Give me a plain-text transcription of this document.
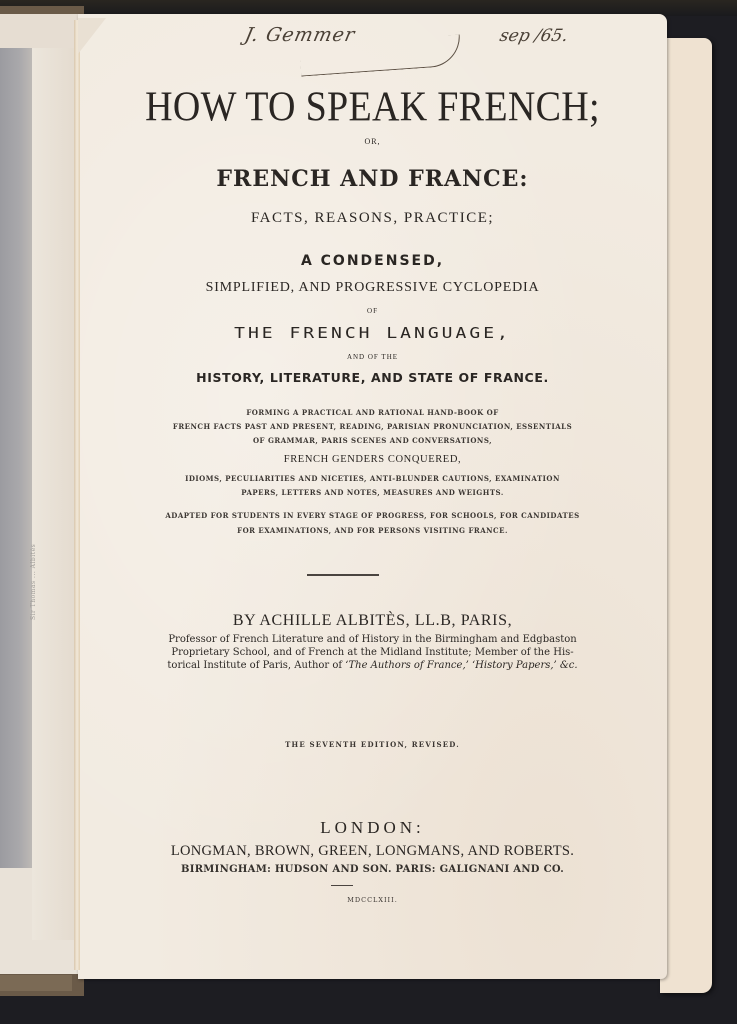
Sir Thomas ... Albitès
J. Gemmer	sep /65.
HOW TO SPEAK FRENCH;
OR,
FRENCH AND FRANCE:
FACTS, REASONS, PRACTICE;
A CONDENSED,
SIMPLIFIED, AND PROGRESSIVE CYCLOPEDIA
OF
THE FRENCH LANGUAGE,
AND OF THE
HISTORY, LITERATURE, AND STATE OF FRANCE.
FORMING A PRACTICAL AND RATIONAL HAND-BOOK OF
FRENCH FACTS PAST AND PRESENT, READING, PARISIAN PRONUNCIATION, ESSENTIALS
OF GRAMMAR, PARIS SCENES AND CONVERSATIONS,
FRENCH GENDERS CONQUERED,
IDIOMS, PECULIARITIES AND NICETIES, ANTI-BLUNDER CAUTIONS, EXAMINATION
PAPERS, LETTERS AND NOTES, MEASURES AND WEIGHTS.
ADAPTED FOR STUDENTS IN EVERY STAGE OF PROGRESS, FOR SCHOOLS, FOR CANDIDATES
FOR EXAMINATIONS, AND FOR PERSONS VISITING FRANCE.
BY ACHILLE ALBITÈS, LL.B, PARIS,
Professor of French Literature and of History in the Birmingham and Edgbaston
Proprietary School, and of French at the Midland Institute; Member of the His-
torical Institute of Paris, Author of ‘The Authors of France,’ ‘History Papers,’ &c.
THE SEVENTH EDITION, REVISED.
LONDON:
LONGMAN, BROWN, GREEN, LONGMANS, AND ROBERTS.
BIRMINGHAM: HUDSON AND SON. PARIS: GALIGNANI AND CO.
MDCCLXIII.
